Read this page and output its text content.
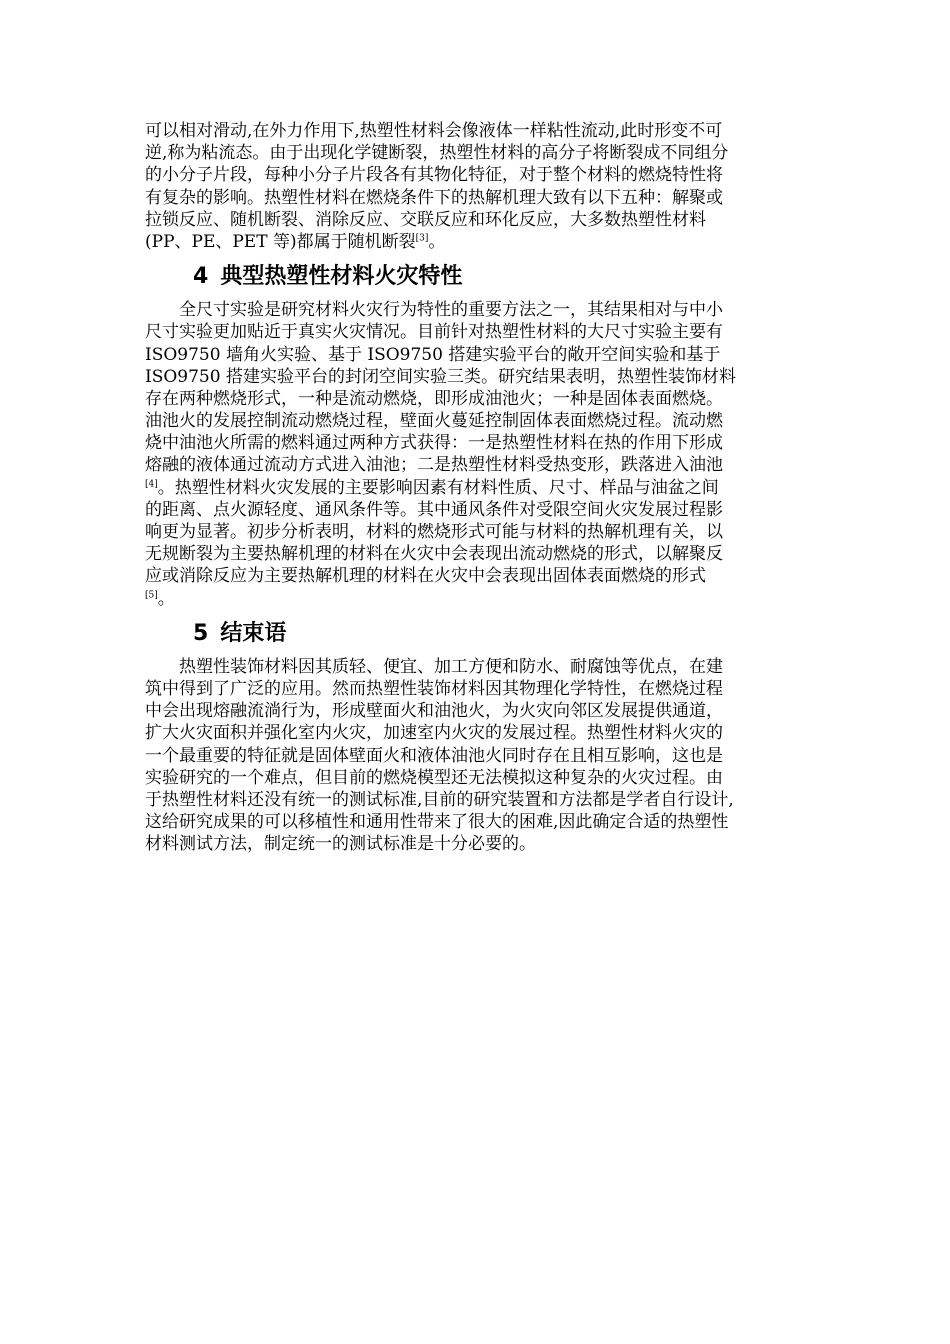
可以相对滑动,在外力作用下,热塑性材料会像液体一样粘性流动,此时形变不可

逆,称为粘流态。由于出现化学键断裂，热塑性材料的高分子将断裂成不同组分

的小分子片段，每种小分子片段各有其物化特征，对于整个材料的燃烧特性将

有复杂的影响。热塑性材料在燃烧条件下的热解机理大致有以下五种：解聚或

拉锁反应、随机断裂、消除反应、交联反应和环化反应，大多数热塑性材料

(PP、PE、PET 等)都属于随机断裂[3]。

4 典型热塑性材料火灾特性

　　全尺寸实验是研究材料火灾行为特性的重要方法之一，其结果相对与中小

尺寸实验更加贴近于真实火灾情况。目前针对热塑性材料的大尺寸实验主要有

ISO9750 墙角火实验、基于 ISO9750 搭建实验平台的敞开空间实验和基于

ISO9750 搭建实验平台的封闭空间实验三类。研究结果表明，热塑性装饰材料

存在两种燃烧形式，一种是流动燃烧，即形成油池火；一种是固体表面燃烧。

油池火的发展控制流动燃烧过程，壁面火蔓延控制固体表面燃烧过程。流动燃

烧中油池火所需的燃料通过两种方式获得：一是热塑性材料在热的作用下形成

熔融的液体通过流动方式进入油池；二是热塑性材料受热变形，跌落进入油池

[4]。热塑性材料火灾发展的主要影响因素有材料性质、尺寸、样品与油盆之间

的距离、点火源轻度、通风条件等。其中通风条件对受限空间火灾发展过程影

响更为显著。初步分析表明，材料的燃烧形式可能与材料的热解机理有关，以

无规断裂为主要热解机理的材料在火灾中会表现出流动燃烧的形式，以解聚反

应或消除反应为主要热解机理的材料在火灾中会表现出固体表面燃烧的形式

[5]。

5 结束语

　　热塑性装饰材料因其质轻、便宜、加工方便和防水、耐腐蚀等优点，在建

筑中得到了广泛的应用。然而热塑性装饰材料因其物理化学特性，在燃烧过程

中会出现熔融流淌行为，形成壁面火和油池火，为火灾向邻区发展提供通道，

扩大火灾面积并强化室内火灾，加速室内火灾的发展过程。热塑性材料火灾的

一个最重要的特征就是固体壁面火和液体油池火同时存在且相互影响，这也是

实验研究的一个难点，但目前的燃烧模型还无法模拟这种复杂的火灾过程。由

于热塑性材料还没有统一的测试标准,目前的研究装置和方法都是学者自行设计,

这给研究成果的可以移植性和通用性带来了很大的困难,因此确定合适的热塑性

材料测试方法，制定统一的测试标准是十分必要的。
